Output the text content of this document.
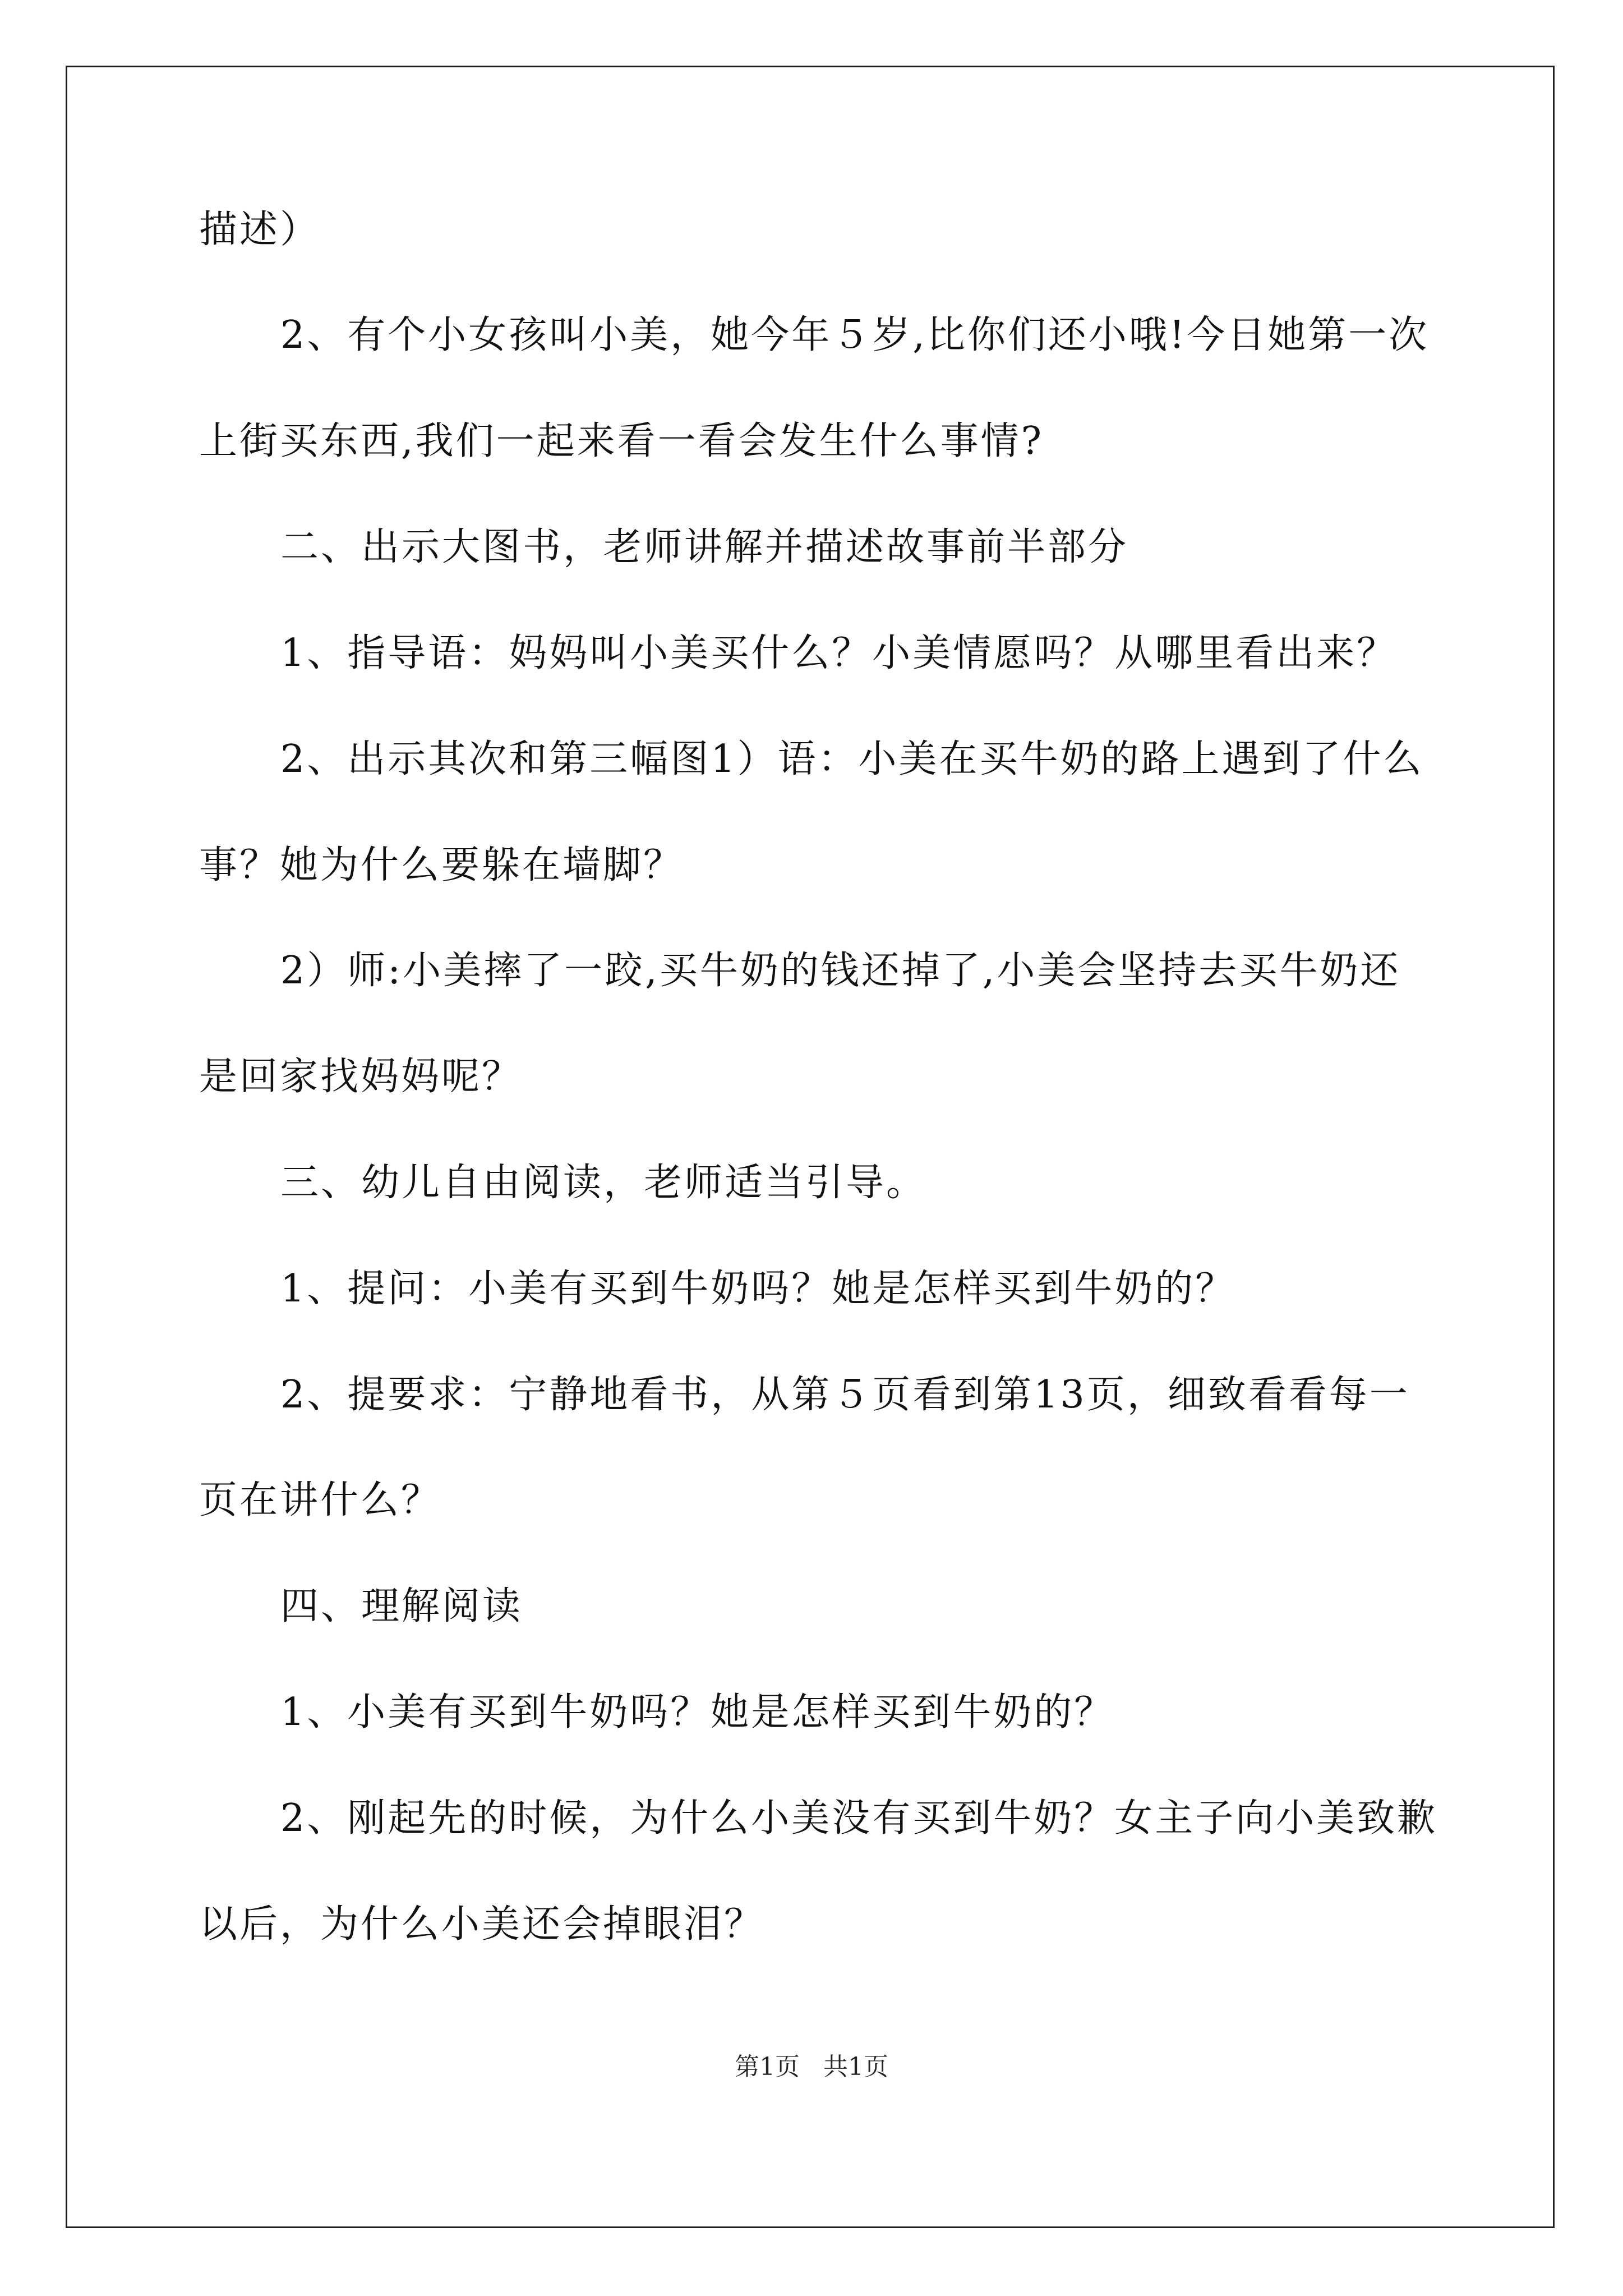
描述）
2、有个小女孩叫小美，她今年５岁,比你们还小哦!今日她第一次
上街买东西,我们一起来看一看会发生什么事情?
二、出示大图书，老师讲解并描述故事前半部分
1、指导语：妈妈叫小美买什么？小美情愿吗？从哪里看出来？
2、出示其次和第三幅图1）语：小美在买牛奶的路上遇到了什么
事？她为什么要躲在墙脚？
2）师:小美摔了一跤,买牛奶的钱还掉了,小美会坚持去买牛奶还
是回家找妈妈呢？
三、幼儿自由阅读，老师适当引导。
1、提问：小美有买到牛奶吗？她是怎样买到牛奶的？
2、提要求：宁静地看书，从第５页看到第13页，细致看看每一
页在讲什么？
四、理解阅读
1、小美有买到牛奶吗？她是怎样买到牛奶的？
2、刚起先的时候，为什么小美没有买到牛奶？女主子向小美致歉
以后，为什么小美还会掉眼泪？
第1页   共1页
